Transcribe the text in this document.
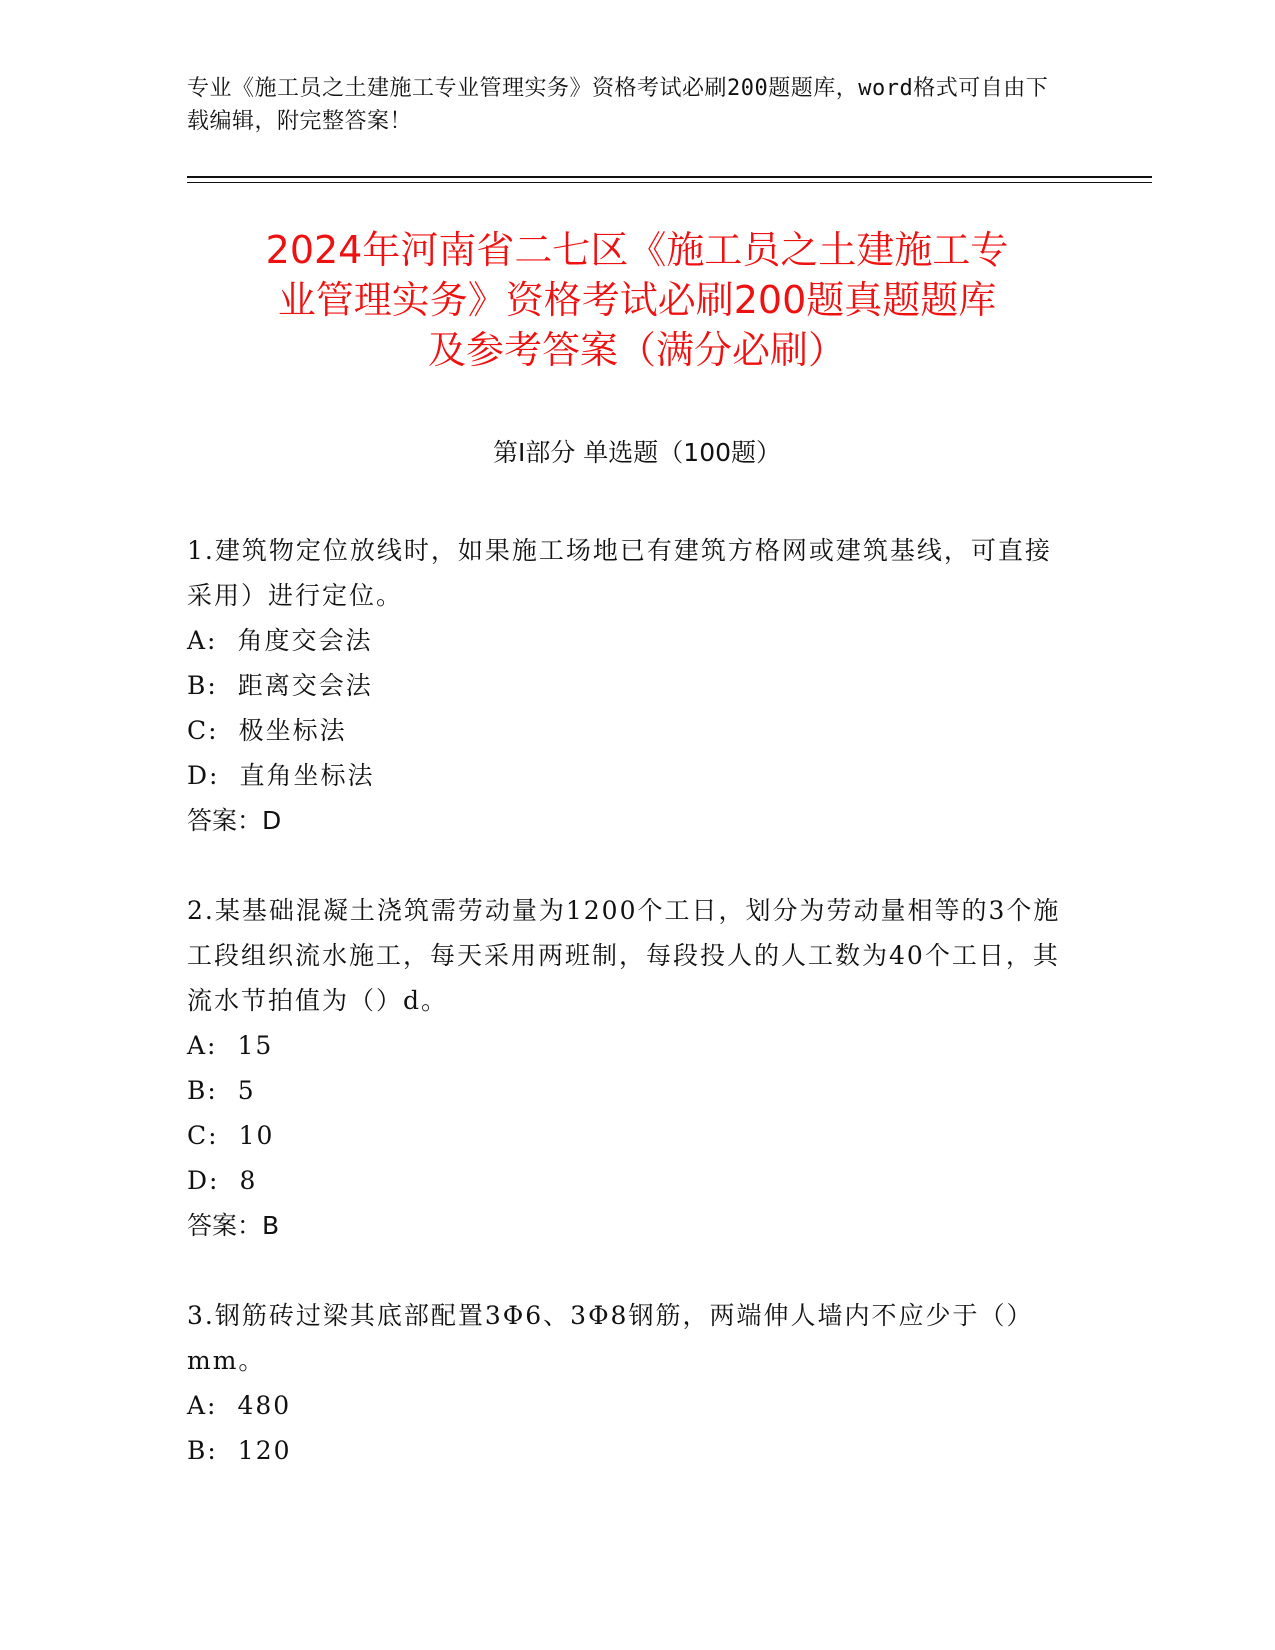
专业《施工员之土建施工专业管理实务》资格考试必刷200题题库，word格式可自由下载编辑，附完整答案！
2024年河南省二七区《施工员之土建施工专
业管理实务》资格考试必刷200题真题题库
及参考答案（满分必刷）
第Ⅰ部分 单选题（100题）
1.建筑物定位放线时，如果施工场地已有建筑方格网或建筑基线，可直接采用）进行定位。
A: 角度交会法
B: 距离交会法
C: 极坐标法
D: 直角坐标法
答案：D
2.某基础混凝土浇筑需劳动量为1200个工日，划分为劳动量相等的3个施工段组织流水施工，每天采用两班制，每段投人的人工数为40个工日，其流水节拍值为（）d。
A: 15
B: 5
C: 10
D: 8
答案：B
3.钢筋砖过梁其底部配置3Φ6、3Φ8钢筋，两端伸人墙内不应少于（）mm。
A: 480
B: 120
